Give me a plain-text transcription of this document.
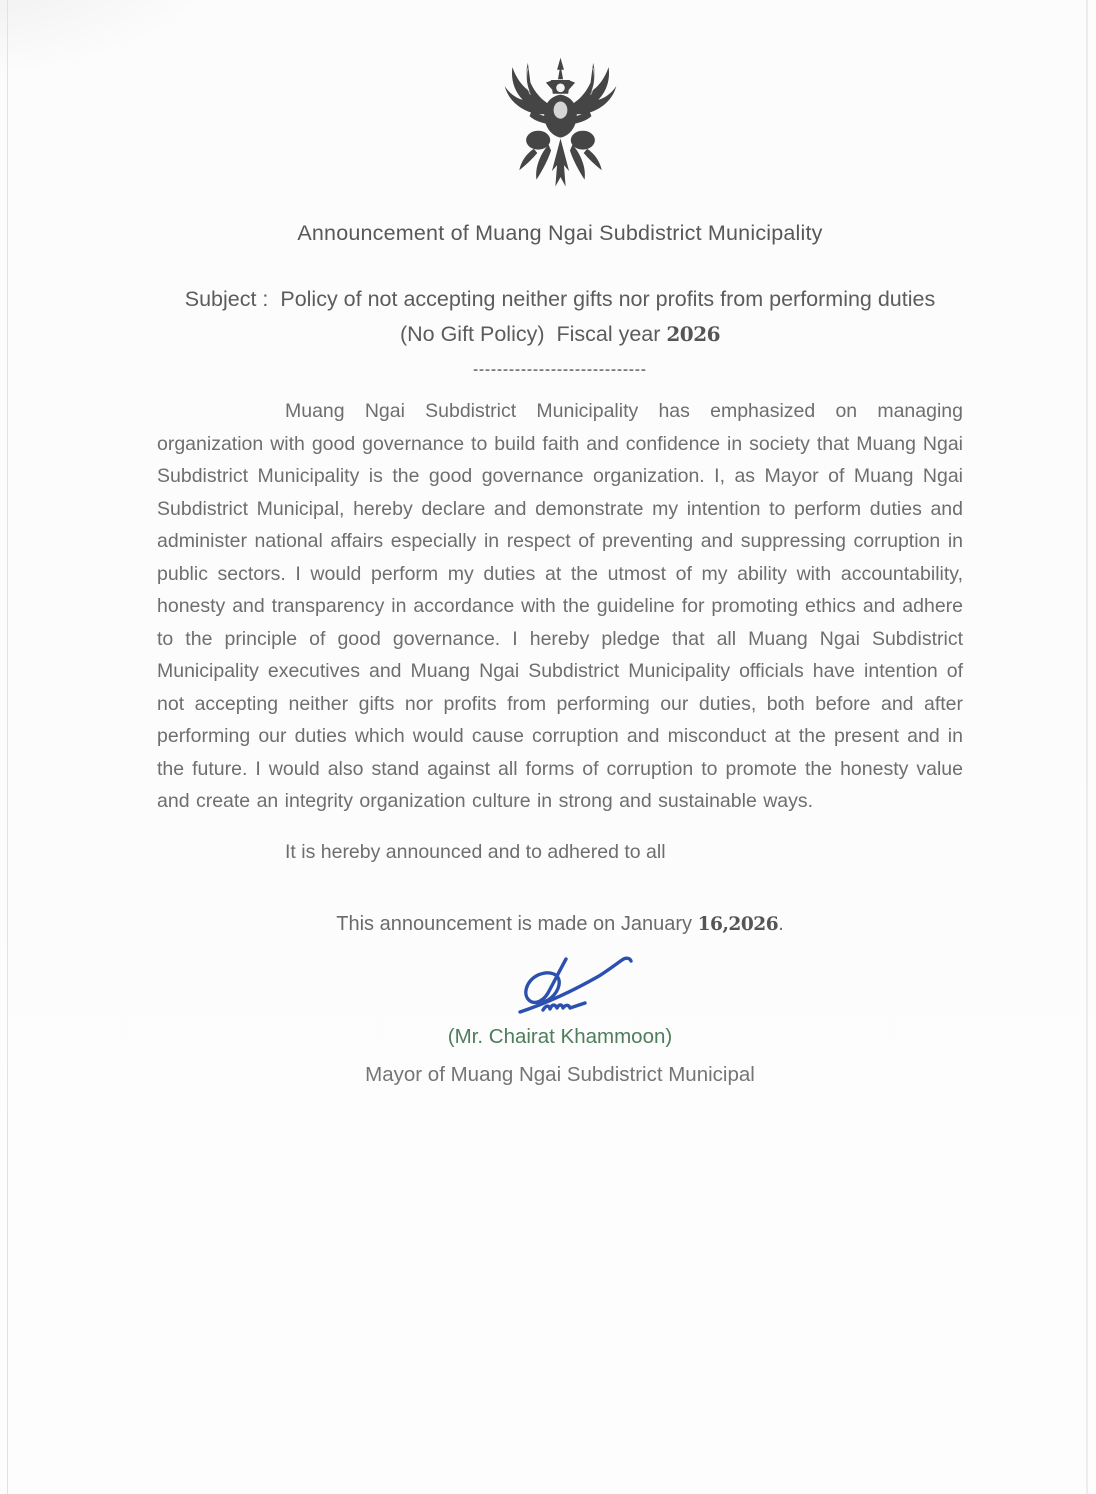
Announcement of Muang Ngai Subdistrict Municipality
Subject :  Policy of not accepting neither gifts nor profits from performing duties
(No Gift Policy)  Fiscal year 2026
-----------------------------

Muang Ngai Subdistrict Municipality has emphasized on managing organization with good governance to build faith and confidence in society that Muang Ngai Subdistrict Municipality is the good governance organization. I, as Mayor of Muang Ngai Subdistrict Municipal, hereby declare and demonstrate my intention to perform duties and administer national affairs especially in respect of preventing and suppressing corruption in public sectors. I would perform my duties at the utmost of my ability with accountability, honesty and transparency in accordance with the guideline for promoting ethics and adhere to the principle of good governance. I hereby pledge that all Muang Ngai Subdistrict Municipality executives and Muang Ngai Subdistrict Municipality officials have intention of not accepting neither gifts nor profits from performing our duties, both before and after performing our duties which would cause corruption and misconduct at the present and in the future. I would also stand against all forms of corruption to promote the honesty value and create an integrity organization culture in strong and sustainable ways.

It is hereby announced and to adhered to all
This announcement is made on January 16,2026.
(Mr. Chairat Khammoon)
Mayor of Muang Ngai Subdistrict Municipal
